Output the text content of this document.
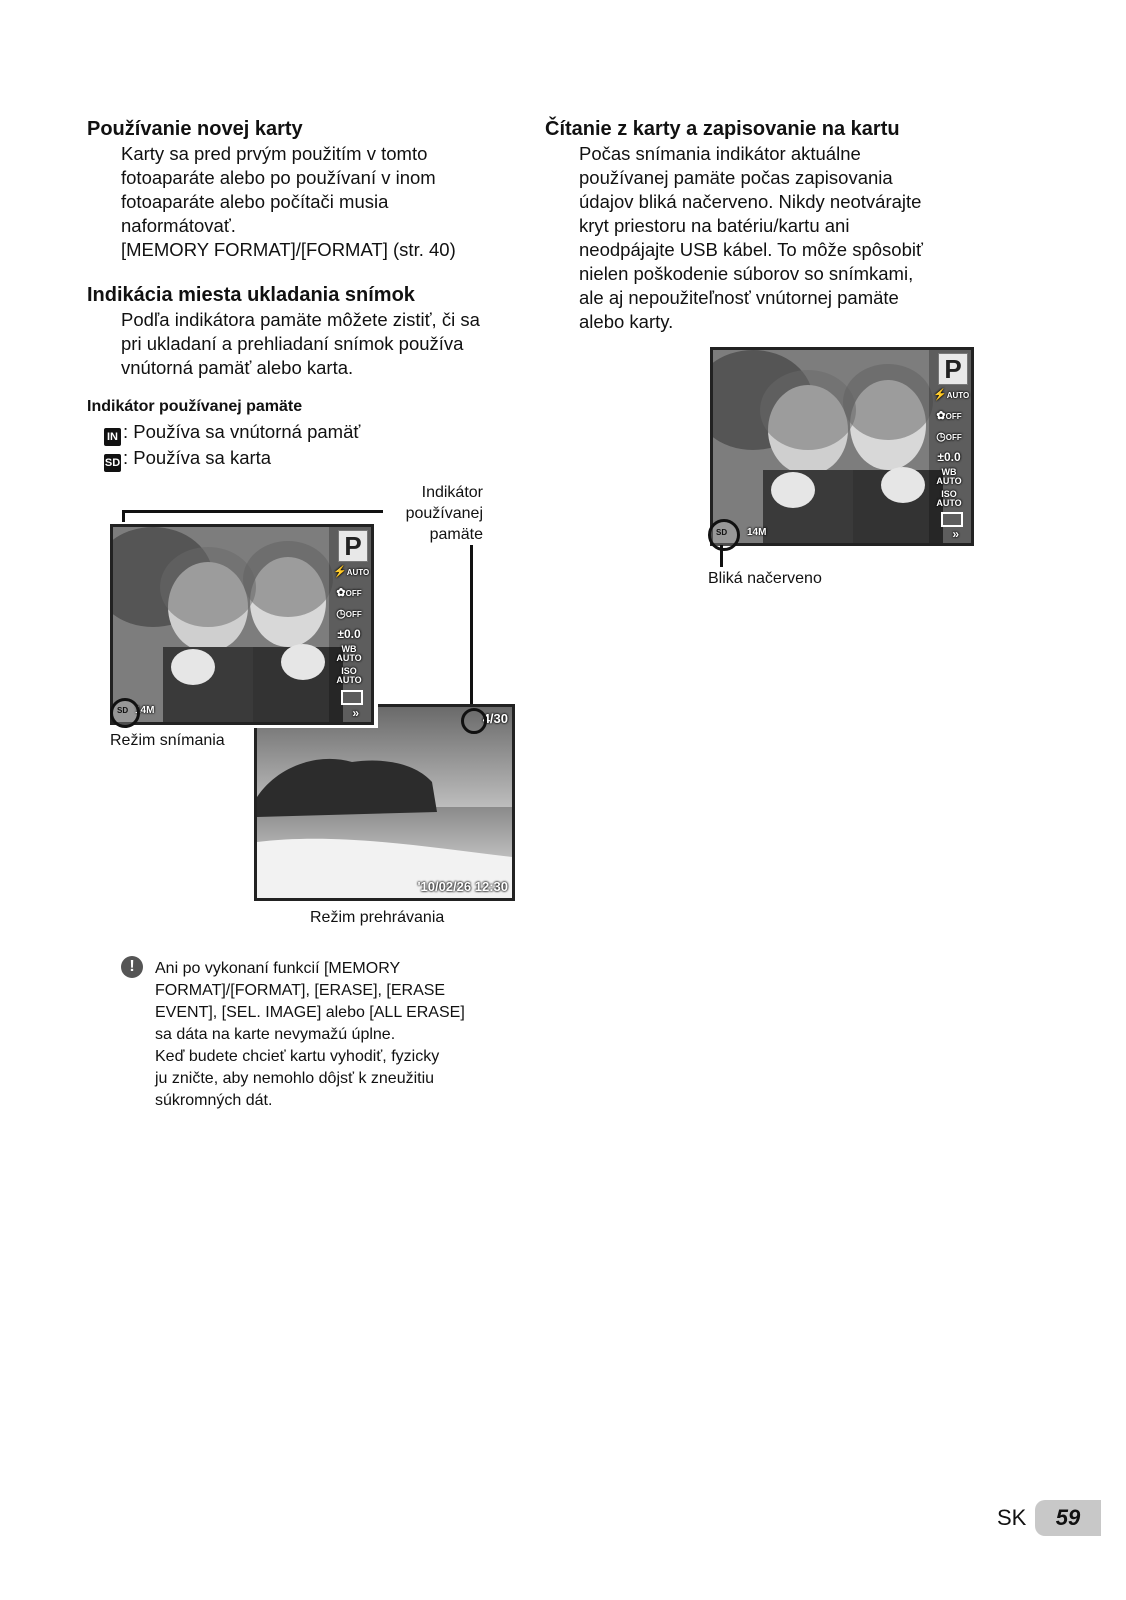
Používanie novej karty
Karty sa pred prvým použitím v tomto
fotoaparáte alebo po používaní v inom
fotoaparáte alebo počítači musia
naformátovať.
[MEMORY FORMAT]/[FORMAT] (str. 40)
Indikácia miesta ukladania snímok
Podľa indikátora pamäte môžete zistiť, či sa
pri ukladaní a prehliadaní snímok používa
vnútorná pamäť alebo karta.
Indikátor používanej pamäte
IN : Používa sa vnútorná pamäť
SD : Používa sa karta
Indikátor
používanej
pamäte
4/30
'10/02/26 12:30
P
⚡AUTO
✿OFF
◷OFF
±0.0
WB
AUTO
ISO
AUTO
»
14M
SD
Režim snímania
Režim prehrávania
!	Ani po vykonaní funkcií [MEMORY
FORMAT]/[FORMAT], [ERASE], [ERASE
EVENT], [SEL. IMAGE] alebo [ALL ERASE]
sa dáta na karte nevymažú úplne.
Keď budete chcieť kartu vyhodiť, fyzicky
ju zničte, aby nemohlo dôjsť k zneužitiu
súkromných dát.
Čítanie z karty a zapisovanie na kartu
Počas snímania indikátor aktuálne
používanej pamäte počas zapisovania
údajov bliká načerveno. Nikdy neotvárajte
kryt priestoru na batériu/kartu ani
neodpájajte USB kábel. To môže spôsobiť
nielen poškodenie súborov so snímkami,
ale aj nepoužiteľnosť vnútornej pamäte
alebo karty.
P
⚡AUTO
✿OFF
◷OFF
±0.0
WB
AUTO
ISO
AUTO
»
14M
SD
Bliká načerveno
SK	59
